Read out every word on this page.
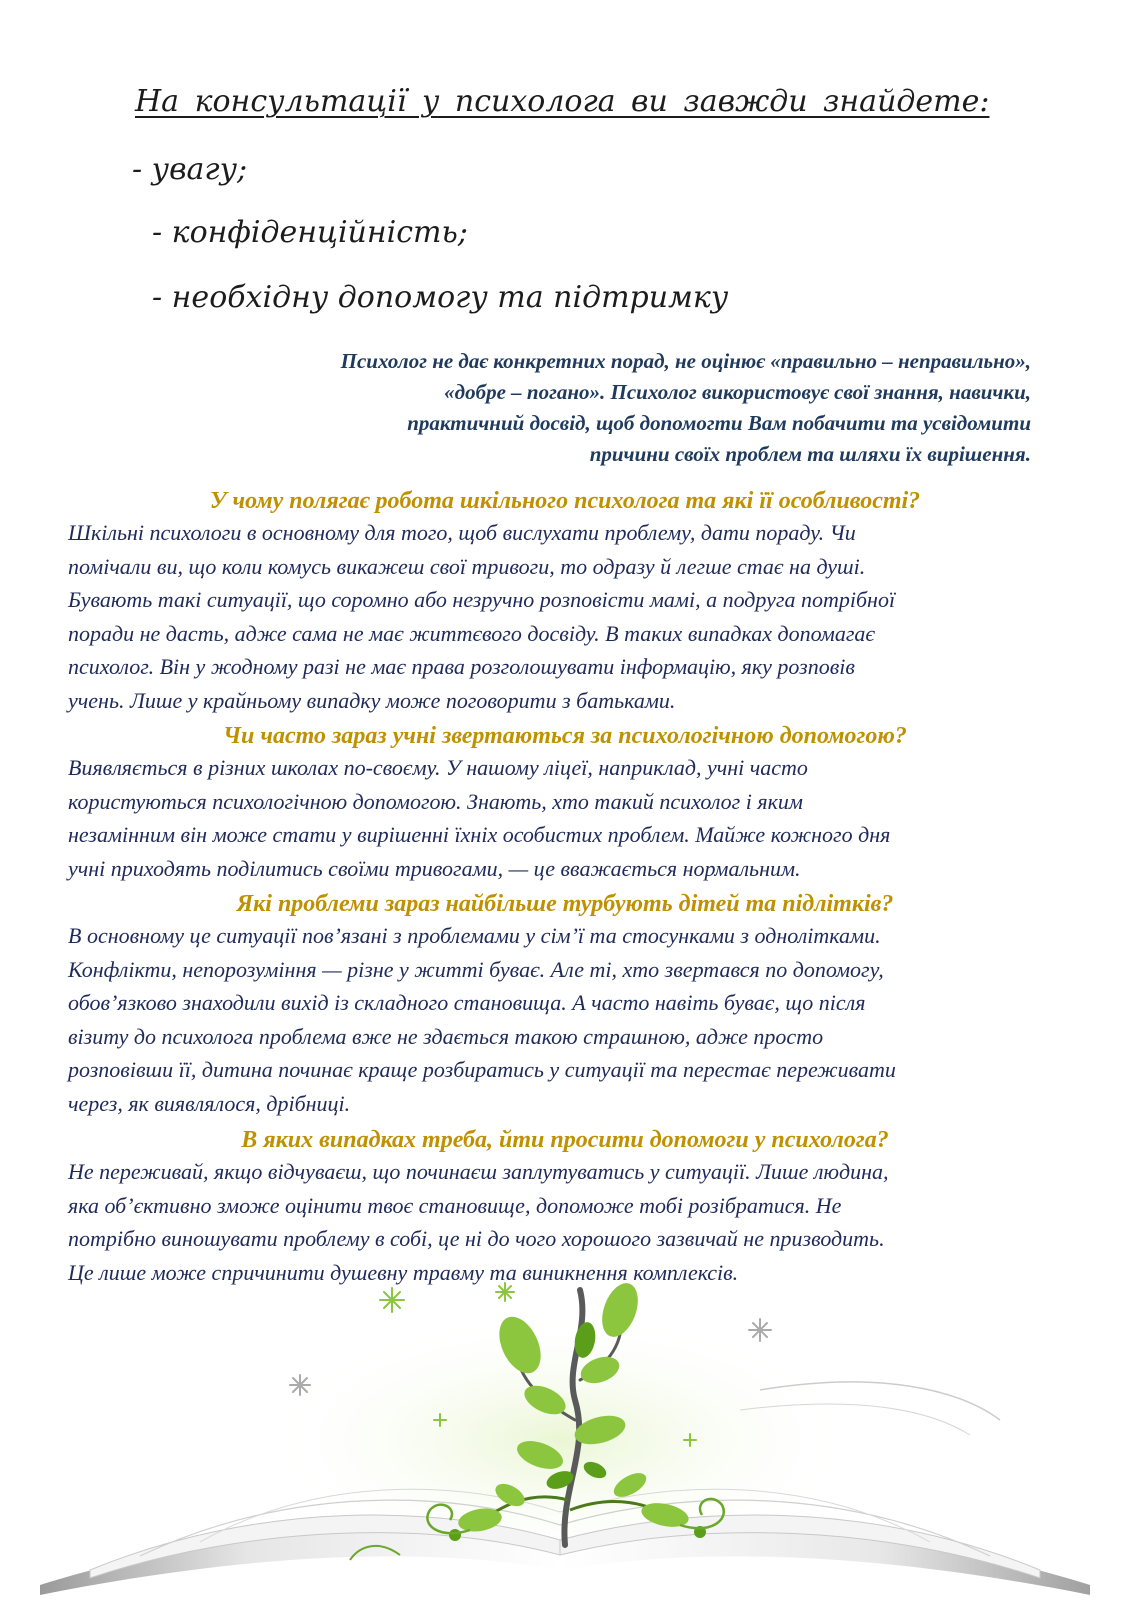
На консультації у психолога ви завжди знайдете:
- увагу;
- конфіденційність;
- необхідну допомогу та підтримку
Психолог не дає конкретних порад, не оцінює «правильно – неправильно»,
«добре – погано». Психолог використовує свої знання, навички,
практичний досвід, щоб допомогти Вам побачити та усвідомити
причини своїх проблем та шляхи їх вирішення.
У чому полягає робота шкільного психолога та які її особливості?
Шкільні психологи в основному для того, щоб вислухати проблему, дати пораду. Чи
помічали ви, що коли комусь викажеш свої тривоги, то одразу й легше стає на душі.
Бувають такі ситуації, що соромно або незручно розповісти мамі, а подруга потрібної
поради не дасть, адже сама не має життєвого досвіду. В таких випадках допомагає
психолог. Він у жодному разі не має права розголошувати інформацію, яку розповів
учень. Лише у крайньому випадку може поговорити з батьками.
Чи часто зараз учні звертаються за психологічною допомогою?
Виявляється в різних школах по-своєму. У нашому ліцеї, наприклад, учні часто
користуються психологічною допомогою. Знають, хто такий психолог і яким
незамінним він може стати у вирішенні їхніх особистих проблем. Майже кожного дня
учні приходять поділитись своїми тривогами, — це вважається нормальним.
Які проблеми зараз найбільше турбують дітей та підлітків?
В основному це ситуації пов’язані з проблемами у сім’ї та стосунками з однолітками.
Конфлікти, непорозуміння — різне у житті буває. Але ті, хто звертався по допомогу,
обов’язково знаходили вихід із складного становища. А часто навіть буває, що після
візиту до психолога проблема вже не здається такою страшною, адже просто
розповівши її, дитина починає краще розбиратись у ситуації та перестає переживати
через, як виявлялося, дрібниці.
В яких випадках треба, йти просити допомоги у психолога?
Не переживай, якщо відчуваєш, що починаєш заплутуватись у ситуації. Лише людина,
яка об’єктивно зможе оцінити твоє становище, допоможе тобі розібратися. Не
потрібно виношувати проблему в собі, це ні до чого хорошого зазвичай не призводить.
Це лише може спричинити душевну травму та виникнення комплексів.
